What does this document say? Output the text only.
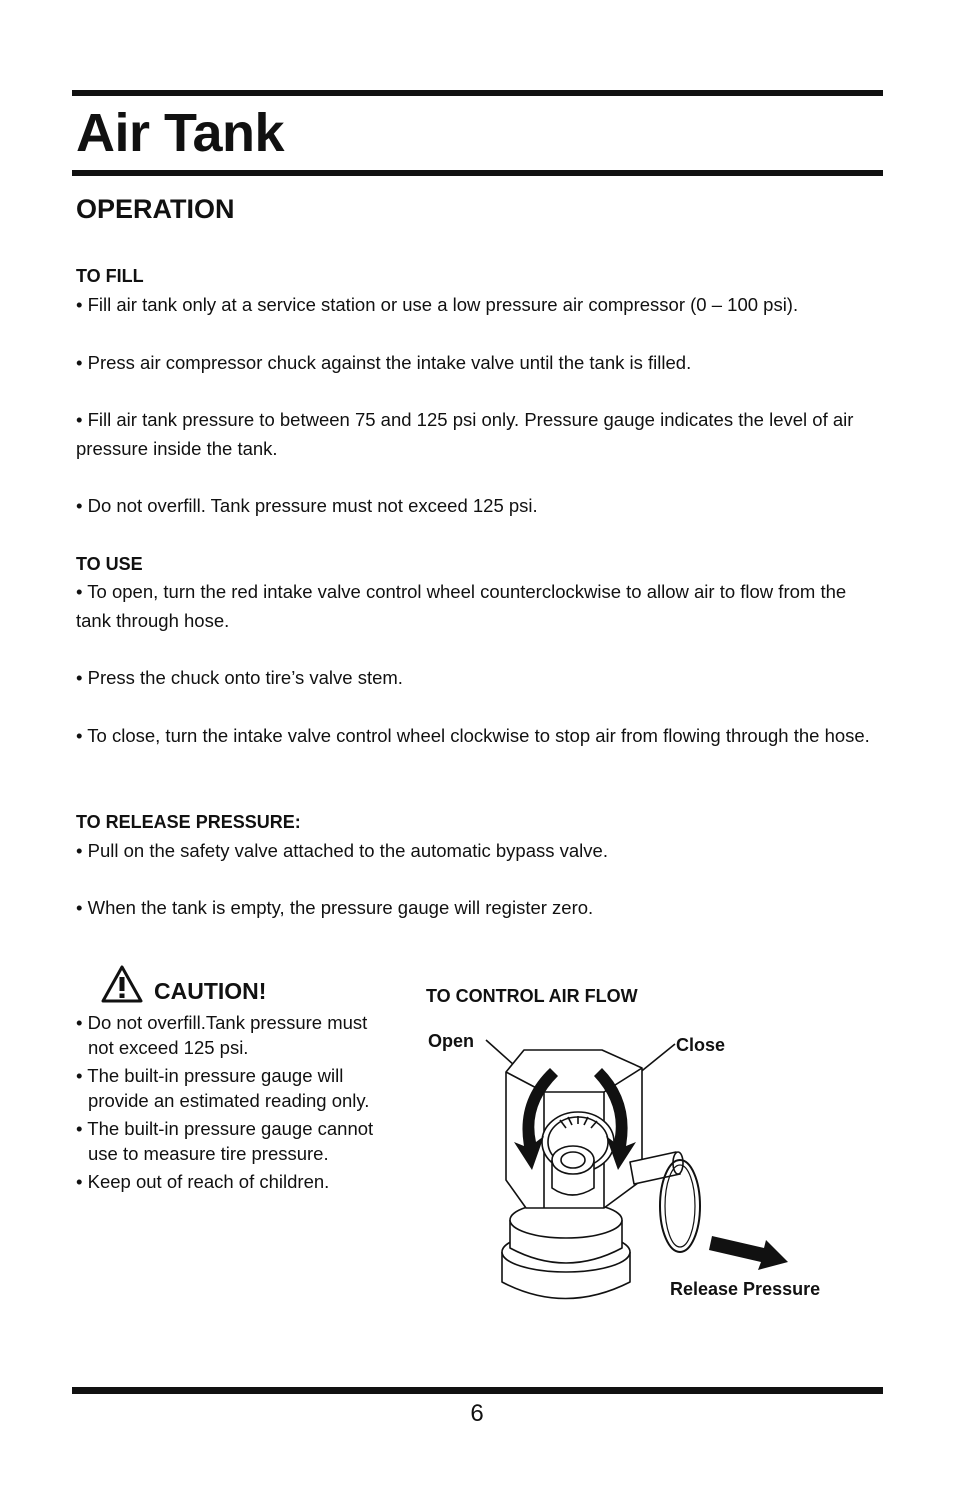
Air Tank
OPERATION

TO FILL

• Fill air tank only at a service station or use a low pressure air compressor (0 – 100 psi).

• Press air compressor chuck against the intake valve until the tank is filled.

• Fill air tank pressure to between 75 and 125 psi only. Pressure gauge indicates the level of air pressure inside the tank.

• Do not overfill. Tank pressure must not exceed 125 psi.

TO USE

• To open, turn the red intake valve control wheel counterclockwise to allow air to flow from the tank through hose.

• Press the chuck onto tire’s valve stem.

• To close, turn the intake valve control wheel clockwise to stop air from flowing through the hose.

TO RELEASE PRESSURE:

• Pull on the safety valve attached to the automatic bypass valve.

• When the tank is empty, the pressure gauge will register zero.

CAUTION!
• Do not overfill.Tank pressure must not exceed 125 psi.
• The built-in pressure gauge will provide an estimated reading only.
• The built-in pressure gauge cannot use to measure tire pressure.
• Keep out of reach of children.

TO CONTROL AIR FLOW

Open	Close

Release Pressure

6
